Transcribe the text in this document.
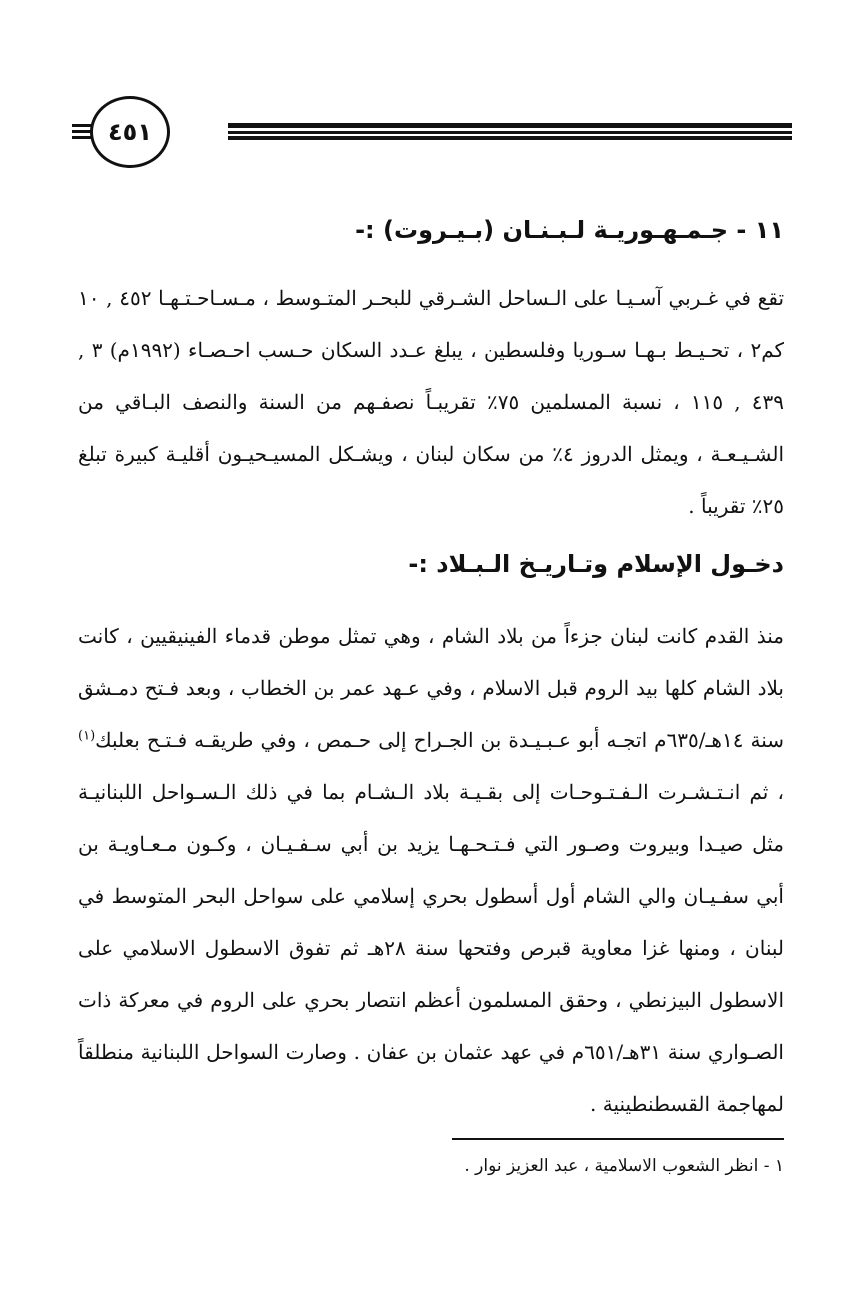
٤٥١
١١ - جـمـهـوريـة لـبـنـان (بـيـروت) :-
تقع في غـربي آسـيـا على الـساحل الشـرقي للبحـر المتـوسط ، مـسـاحـتـهـا ٤٥٢ , ١٠ كم٢ ، تحـيـط بـهـا سـوريا وفلسطين ، يبلغ عـدد السكان حـسب احـصـاء (١٩٩٢م) ٣ , ٤٣٩ , ١١٥ ، نسبة المسلمين ٧٥٪ تقريبـاً نصفـهم من السنة والنصف البـاقي من الشـيـعـة ، ويمثل الدروز ٤٪ من سكان لبنان ، ويشـكل المسيـحيـون أقليـة كبيرة تبلغ ٢٥٪ تقريباً .
دخـول الإسلام وتـاريـخ الـبـلاد :-
منذ القدم كانت لبنان جزءاً من بلاد الشام ، وهي تمثل موطن قدماء الفينيقيين ، كانت بلاد الشام كلها بيد الروم قبل الاسلام ، وفي عـهد عمر بن الخطاب ، وبعد فـتح دمـشق سنة ١٤هـ/٦٣٥م اتجـه أبو عـبـيـدة بن الجـراح إلى حـمص ، وفي طريقـه فـتـح بعلبك$^{(١)}$ ، ثم انـتـشـرت الـفـتـوحـات إلى بقـيـة بلاد الـشـام بما في ذلك الـسـواحل اللبنانيـة مثل صيـدا وبيروت وصـور التي فـتـحـهـا يزيد بن أبي سـفـيـان ، وكـون مـعـاويـة بن أبي سفـيـان والي الشام أول أسطول بحري إسلامي على سواحل البحر المتوسط في لبنان ، ومنها غزا معاوية قبرص وفتحها سنة ٢٨هـ ثم تفوق الاسطول الاسلامي على الاسطول البيزنطي ، وحقق المسلمون أعظم انتصار بحري على الروم في معركة ذات الصـواري سنة ٣١هـ/٦٥١م في عهد عثمان بن عفان . وصارت السواحل اللبنانية منطلقاً لمهاجمة القسطنطينية .
١ - انظر الشعوب الاسلامية ، عبد العزيز نوار .
